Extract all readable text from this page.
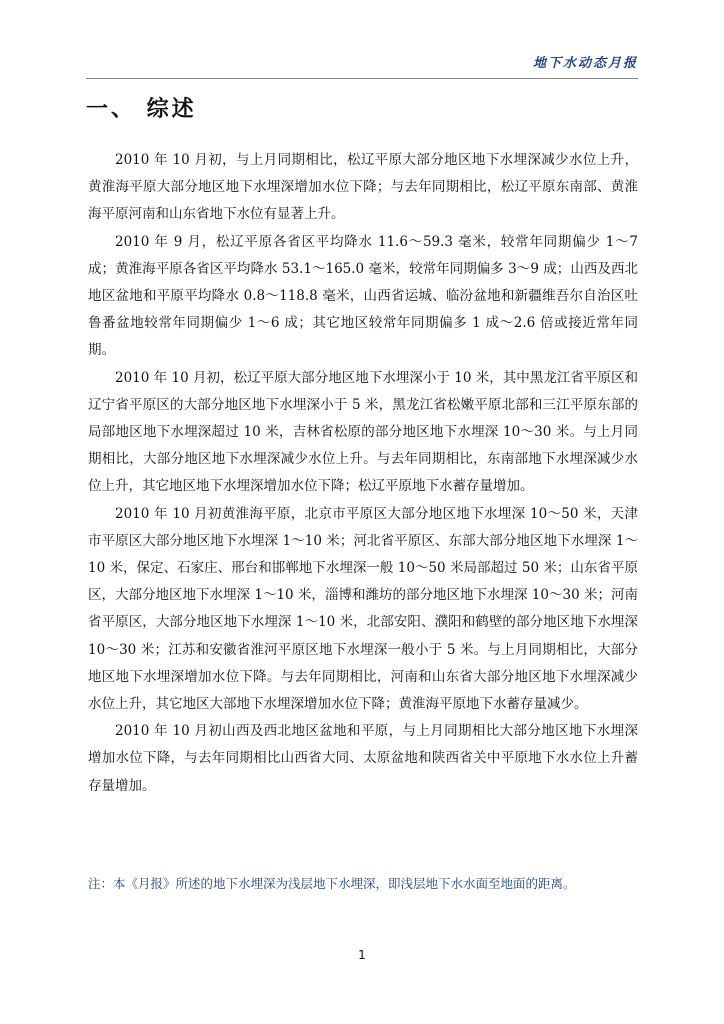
地下水动态月报
一、 综述

2010 年 10 月初，与上月同期相比，松辽平原大部分地区地下水埋深减少水位上升，黄淮海平原大部分地区地下水埋深增加水位下降；与去年同期相比，松辽平原东南部、黄淮海平原河南和山东省地下水位有显著上升。

2010 年 9 月，松辽平原各省区平均降水 11.6～59.3 毫米，较常年同期偏少 1～7 成；黄淮海平原各省区平均降水 53.1～165.0 毫米，较常年同期偏多 3～9 成；山西及西北地区盆地和平原平均降水 0.8～118.8 毫米，山西省运城、临汾盆地和新疆维吾尔自治区吐鲁番盆地较常年同期偏少 1～6 成；其它地区较常年同期偏多 1 成～2.6 倍或接近常年同期。

2010 年 10 月初，松辽平原大部分地区地下水埋深小于 10 米，其中黑龙江省平原区和辽宁省平原区的大部分地区地下水埋深小于 5 米，黑龙江省松嫩平原北部和三江平原东部的局部地区地下水埋深超过 10 米，吉林省松原的部分地区地下水埋深 10～30 米。与上月同期相比，大部分地区地下水埋深减少水位上升。与去年同期相比，东南部地下水埋深减少水位上升，其它地区地下水埋深增加水位下降；松辽平原地下水蓄存量增加。

2010 年 10 月初黄淮海平原，北京市平原区大部分地区地下水埋深 10～50 米，天津市平原区大部分地区地下水埋深 1～10 米；河北省平原区、东部大部分地区地下水埋深 1～10 米，保定、石家庄、邢台和邯郸地下水埋深一般 10～50 米局部超过 50 米；山东省平原区，大部分地区地下水埋深 1～10 米，淄博和潍坊的部分地区地下水埋深 10～30 米；河南省平原区，大部分地区地下水埋深 1～10 米，北部安阳、濮阳和鹤壁的部分地区地下水埋深 10～30 米；江苏和安徽省淮河平原区地下水埋深一般小于 5 米。与上月同期相比，大部分地区地下水埋深增加水位下降。与去年同期相比，河南和山东省大部分地区地下水埋深减少水位上升，其它地区大部地下水埋深增加水位下降；黄淮海平原地下水蓄存量减少。

2010 年 10 月初山西及西北地区盆地和平原，与上月同期相比大部分地区地下水埋深增加水位下降，与去年同期相比山西省大同、太原盆地和陕西省关中平原地下水水位上升蓄存量增加。

注：本《月报》所述的地下水埋深为浅层地下水埋深，即浅层地下水水面至地面的距离。
1
